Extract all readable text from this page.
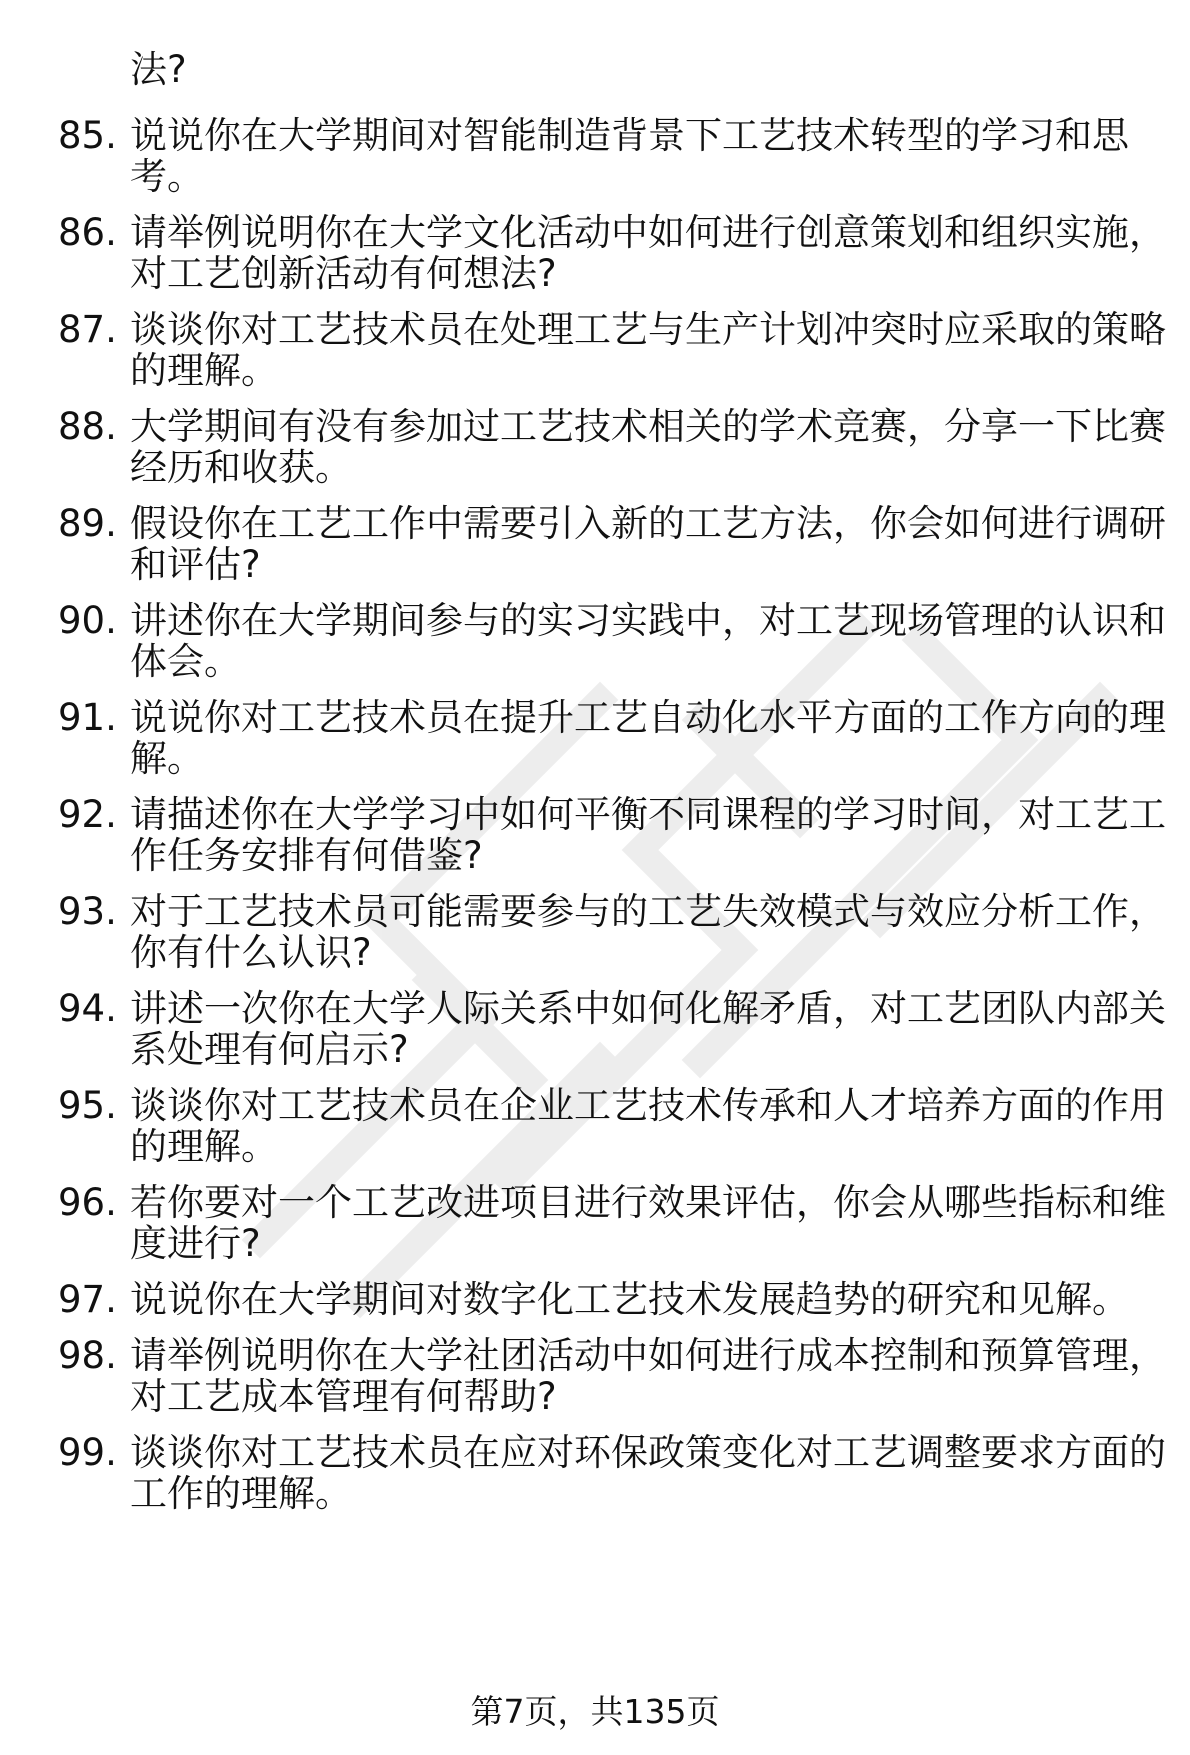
法?
85. 说说你在大学期间对智能制造背景下工艺技术转型的学习和思
考。
86. 请举例说明你在大学文化活动中如何进行创意策划和组织实施，
对工艺创新活动有何想法?
87. 谈谈你对工艺技术员在处理工艺与生产计划冲突时应采取的策略
的理解。
88. 大学期间有没有参加过工艺技术相关的学术竞赛，分享一下比赛
经历和收获。
89. 假设你在工艺工作中需要引入新的工艺方法，你会如何进行调研
和评估?
90. 讲述你在大学期间参与的实习实践中，对工艺现场管理的认识和
体会。
91. 说说你对工艺技术员在提升工艺自动化水平方面的工作方向的理
解。
92. 请描述你在大学学习中如何平衡不同课程的学习时间，对工艺工
作任务安排有何借鉴?
93. 对于工艺技术员可能需要参与的工艺失效模式与效应分析工作，
你有什么认识?
94. 讲述一次你在大学人际关系中如何化解矛盾，对工艺团队内部关
系处理有何启示?
95. 谈谈你对工艺技术员在企业工艺技术传承和人才培养方面的作用
的理解。
96. 若你要对一个工艺改进项目进行效果评估，你会从哪些指标和维
度进行?
97. 说说你在大学期间对数字化工艺技术发展趋势的研究和见解。
98. 请举例说明你在大学社团活动中如何进行成本控制和预算管理，
对工艺成本管理有何帮助?
99. 谈谈你对工艺技术员在应对环保政策变化对工艺调整要求方面的
工作的理解。
第7页，共135页
